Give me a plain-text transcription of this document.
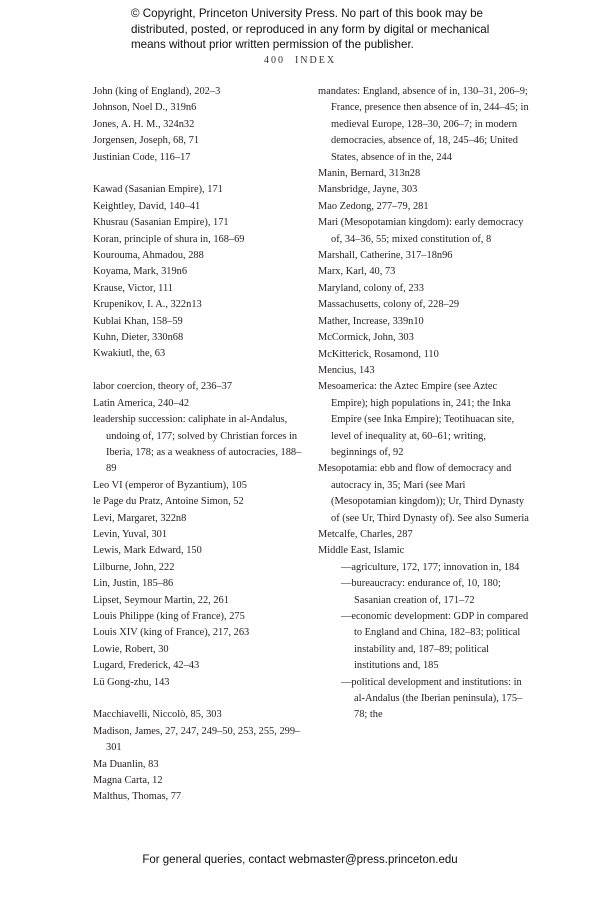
© Copyright, Princeton University Press. No part of this book may be distributed, posted, or reproduced in any form by digital or mechanical means without prior written permission of the publisher.
400 INDEX
John (king of England), 202–3
Johnson, Noel D., 319n6
Jones, A. H. M., 324n32
Jorgensen, Joseph, 68, 71
Justinian Code, 116–17
Kawad (Sasanian Empire), 171
Keightley, David, 140–41
Khusrau (Sasanian Empire), 171
Koran, principle of shura in, 168–69
Kourouma, Ahmadou, 288
Koyama, Mark, 319n6
Krause, Victor, 111
Krupenikov, I. A., 322n13
Kublai Khan, 158–59
Kuhn, Dieter, 330n68
Kwakiutl, the, 63
labor coercion, theory of, 236–37
Latin America, 240–42
leadership succession: caliphate in al-Andalus, undoing of, 177; solved by Christian forces in Iberia, 178; as a weakness of autocracies, 188–89
Leo VI (emperor of Byzantium), 105
le Page du Pratz, Antoine Simon, 52
Levi, Margaret, 322n8
Levin, Yuval, 301
Lewis, Mark Edward, 150
Lilburne, John, 222
Lin, Justin, 185–86
Lipset, Seymour Martin, 22, 261
Louis Philippe (king of France), 275
Louis XIV (king of France), 217, 263
Lowie, Robert, 30
Lugard, Frederick, 42–43
Lü Gong-zhu, 143
Macchiavelli, Niccolò, 85, 303
Madison, James, 27, 247, 249–50, 253, 255, 299–301
Ma Duanlin, 83
Magna Carta, 12
Malthus, Thomas, 77
mandates: England, absence of in, 130–31, 206–9; France, presence then absence of in, 244–45; in medieval Europe, 128–30, 206–7; in modern democracies, absence of, 18, 245–46; United States, absence of in the, 244
Manin, Bernard, 313n28
Mansbridge, Jayne, 303
Mao Zedong, 277–79, 281
Mari (Mesopotamian kingdom): early democracy of, 34–36, 55; mixed constitution of, 8
Marshall, Catherine, 317–18n96
Marx, Karl, 40, 73
Maryland, colony of, 233
Massachusetts, colony of, 228–29
Mather, Increase, 339n10
McCormick, John, 303
McKitterick, Rosamond, 110
Mencius, 143
Mesoamerica: the Aztec Empire (see Aztec Empire); high populations in, 241; the Inka Empire (see Inka Empire); Teotihuacan site, level of inequality at, 60–61; writing, beginnings of, 92
Mesopotamia: ebb and flow of democracy and autocracy in, 35; Mari (see Mari (Mesopotamian kingdom)); Ur, Third Dynasty of (see Ur, Third Dynasty of). See also Sumeria
Metcalfe, Charles, 287
Middle East, Islamic
—agriculture, 172, 177; innovation in, 184
—bureaucracy: endurance of, 10, 180; Sasanian creation of, 171–72
—economic development: GDP in compared to England and China, 182–83; political instability and, 187–89; political institutions and, 185
—political development and institutions: in al-Andalus (the Iberian peninsula), 175–78; the
For general queries, contact webmaster@press.princeton.edu
